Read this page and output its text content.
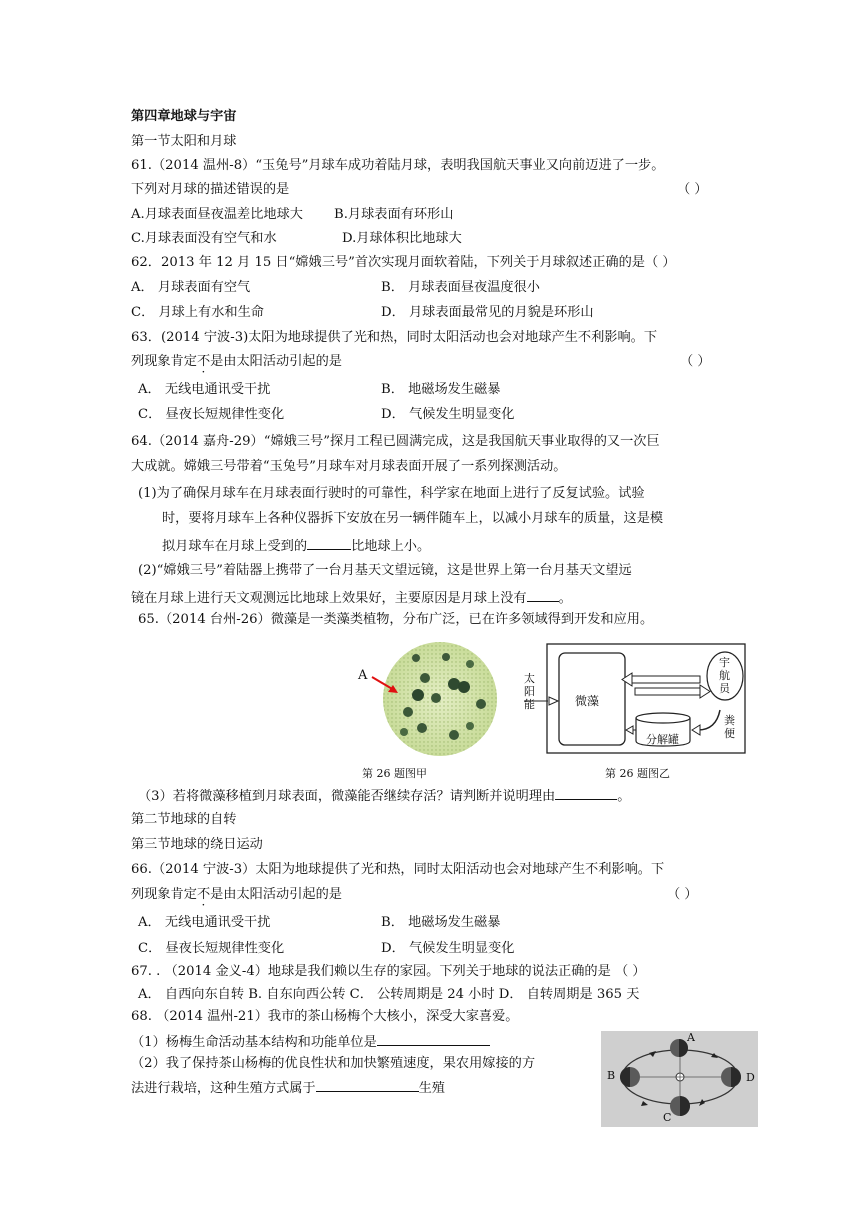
第四章地球与宇宙
第一节太阳和月球
61.（2014 温州-8）“玉兔号”月球车成功着陆月球，表明我国航天事业又向前迈进了一步。
下列对月球的描述错误的是	（ ）
A.月球表面昼夜温差比地球大 B.月球表面有环形山
C.月球表面没有空气和水	D.月球体积比地球大
62．2013 年 12 月 15 日“嫦娥三号”首次实现月面软着陆，下列关于月球叙述正确的是（ ）
A． 月球表面有空气	B． 月球表面昼夜温度很小
C． 月球上有水和生命	D． 月球表面最常见的月貌是环形山
63．(2014 宁波-3)太阳为地球提供了光和热，同时太阳活动也会对地球产生不利影响。下
列现象肯定不是由太阳活动引起的是	（ ）
A． 无线电通讯受干扰	B． 地磁场发生磁暴
C． 昼夜长短规律性变化	D． 气候发生明显变化
64.（2014 嘉舟-29）“嫦娥三号”探月工程已圆满完成，这是我国航天事业取得的又一次巨
大成就。嫦娥三号带着“玉兔号”月球车对月球表面开展了一系列探测活动。
(1)为了确保月球车在月球表面行驶时的可靠性，科学家在地面上进行了反复试验。试验
时，要将月球车上各种仪器拆下安放在另一辆伴随车上，以减小月球车的质量，这是模
拟月球车在月球上受到的	比地球上小。
(2)“嫦娥三号”着陆器上携带了一台月基天文望远镜，这是世界上第一台月基天文望远
镜在月球上进行天文观测远比地球上效果好，主要原因是月球上没有 。
65.（2014 台州-26）微藻是一类藻类植物，分布广泛，已在许多领域得到开发和应用。
A	太
阳
能	微藻
宇
航
员
分解罐
粪
便
第 26 题图甲	第 26 题图乙
（3）若将微藻移植到月球表面，微藻能否继续存活？请判断并说明理由	。
第二节地球的自转
第三节地球的绕日运动
66.（2014 宁波-3）太阳为地球提供了光和热，同时太阳活动也会对地球产生不利影响。下
列现象肯定不是由太阳活动引起的是	（ ）
A． 无线电通讯受干扰	B． 地磁场发生磁暴
C． 昼夜长短规律性变化	D． 气候发生明显变化
67. . （2014 金义-4）地球是我们赖以生存的家园。下列关于地球的说法正确的是 （ ）
A． 自西向东自转 B. 自东向西公转 C． 公转周期是 24 小时 D． 自转周期是 365 天
68. （2014 温州-21）我市的茶山杨梅个大核小，深受大家喜爱。
（1）杨梅生命活动基本结构和功能单位是
（2）我了保持茶山杨梅的优良性状和加快繁殖速度，果农用嫁接的方
法进行栽培，这种生殖方式属于	生殖
A
B
C
D
